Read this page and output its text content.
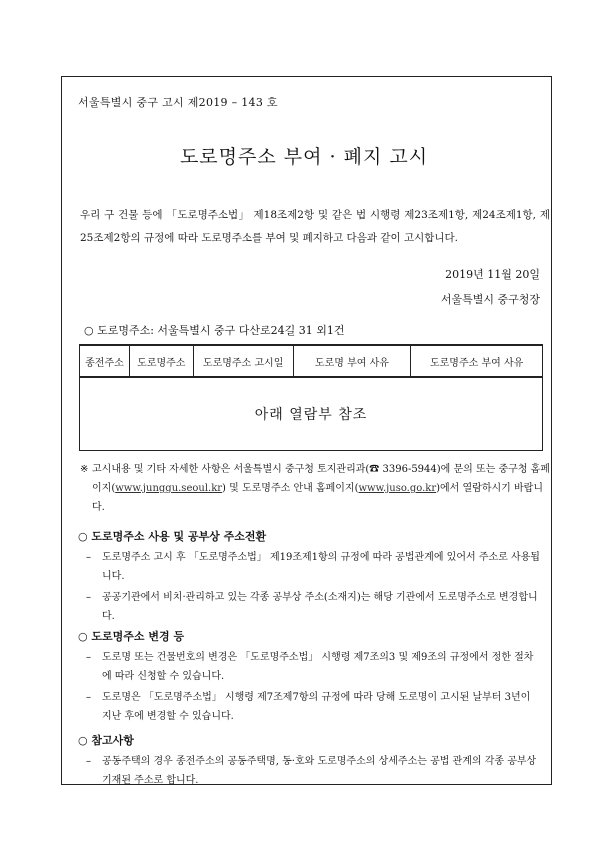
서울특별시 중구 고시 제2019 – 143 호
도로명주소 부여 · 폐지 고시
우리 구 건물 등에 「도로명주소법」 제18조제2항 및 같은 법 시행령 제23조제1항, 제24조제1항, 제25조제2항의 규정에 따라 도로명주소를 부여 및 폐지하고 다음과 같이 고시합니다.
2019년 11월 20일
서울특별시 중구청장
○ 도로명주소: 서울특별시 중구 다산로24길 31 외1건
종전주소	도로명주소	도로명주소 고시일	도로명 부여 사유	도로명주소 부여 사유
아래 열람부 참조
※ 고시내용 및 기타 자세한 사항은 서울특별시 중구청 토지관리과(☎ 3396-5944)에 문의 또는 중구청 홈페이지(www.junggu.seoul.kr) 및 도로명주소 안내 홈페이지(www.juso.go.kr)에서 열람하시기 바랍니다.
○ 도로명주소 사용 및 공부상 주소전환
– 도로명주소 고시 후 「도로명주소법」 제19조제1항의 규정에 따라 공법관계에 있어서 주소로 사용됩니다.
– 공공기관에서 비치·관리하고 있는 각종 공부상 주소(소재지)는 해당 기관에서 도로명주소로 변경합니다.
○ 도로명주소 변경 등
– 도로명 또는 건물번호의 변경은 「도로명주소법」 시행령 제7조의3 및 제9조의 규정에서 정한 절차에 따라 신청할 수 있습니다.
– 도로명은 「도로명주소법」 시행령 제7조제7항의 규정에 따라 당해 도로명이 고시된 날부터 3년이 지난 후에 변경할 수 있습니다.
○ 참고사항
– 공동주택의 경우 종전주소의 공동주택명, 동·호와 도로명주소의 상세주소는 공법 관계의 각종 공부상 기재된 주소로 합니다.
